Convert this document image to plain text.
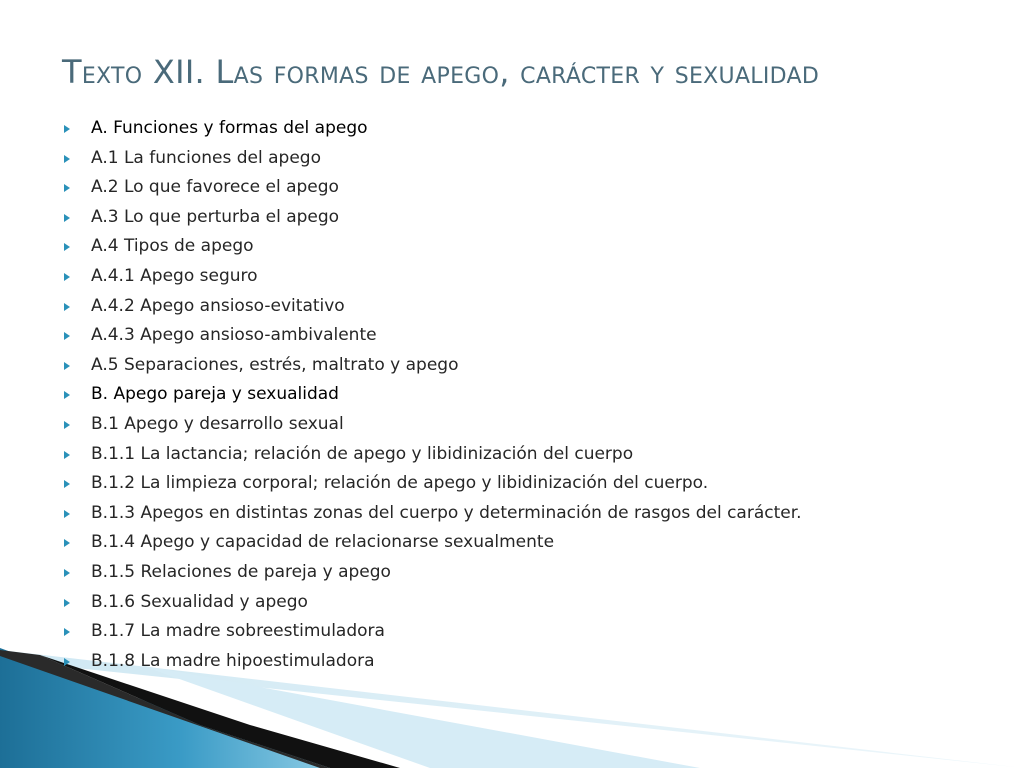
Texto XII. Las formas de apego, carácter y sexualidad
A. Funciones y formas del apego
A.1 La funciones del apego
A.2 Lo que favorece el apego
A.3 Lo que perturba el apego
A.4 Tipos de apego
A.4.1 Apego seguro
A.4.2 Apego ansioso-evitativo
A.4.3 Apego ansioso-ambivalente
A.5 Separaciones, estrés, maltrato y apego
B. Apego pareja y sexualidad
B.1 Apego y desarrollo sexual
B.1.1 La lactancia; relación de apego y libidinización del cuerpo
B.1.2 La limpieza corporal; relación de apego y libidinización del cuerpo.
B.1.3 Apegos en distintas zonas del cuerpo y determinación de rasgos del carácter.
B.1.4 Apego y capacidad de relacionarse sexualmente
B.1.5 Relaciones de pareja y apego
B.1.6 Sexualidad y apego
B.1.7 La madre sobreestimuladora
B.1.8 La madre hipoestimuladora
